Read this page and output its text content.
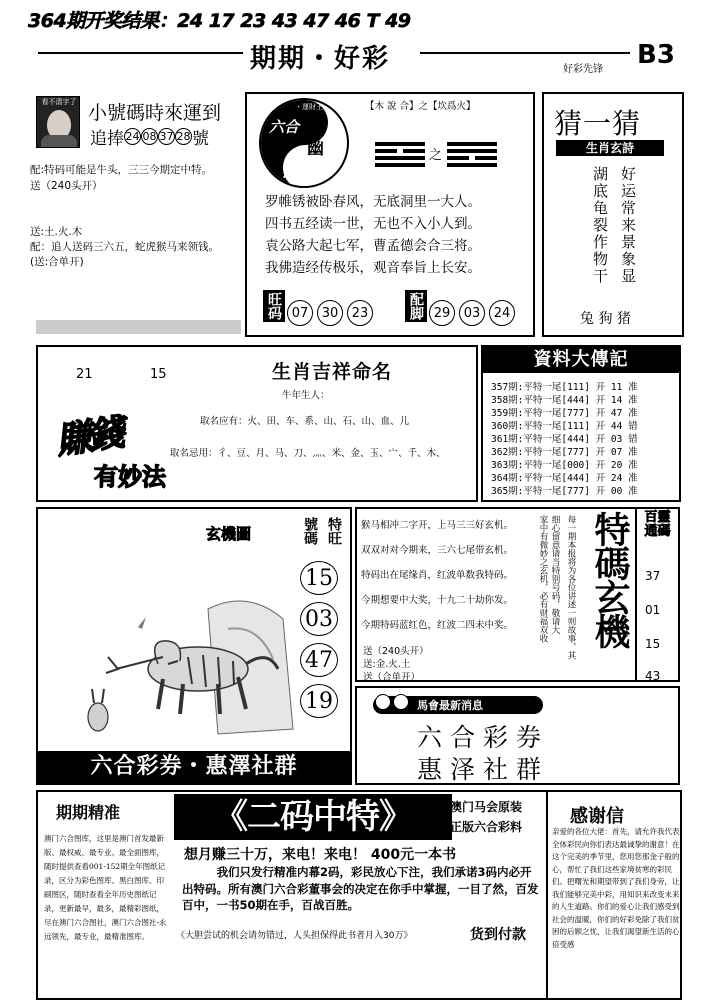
364期开奖结果：24 17 23 43 47 46 T 49
期期・好彩	好彩先锋 B3
看不清字了 小號碼時來運到
追捧 24 08 37 28 號
配:特码可能是牛头，三三今期定中特。
送（240头开）
送:土.火.木
配：追人送码三六五，蛇虎猴马来领钱。
(送:合单开)
・運財王子・
六合
幽
默
【木 說 合】之【坎爲火】
之
罗帷锈被卧春风，无底洞里一大人。
四书五经读一世，无也不入小人到。
袁公路大起七军，曹孟德会合三将。
我佛造经传极乐，观音奉旨上长安。
旺码 07	30	23	配脚 29	03	24
猜一猜
生肖玄詩
湖底龟裂作物干 好运常来景象显
兔 狗 猪
21	15	生肖吉祥命名
牛年生人：
取名应有：火、田、车、系、山、石、山、血、儿
取名忌用：彳、豆、月、马、刀、灬、米、金、玉、宀、千、木、
賺錢
有妙法
資料大傳記
357期:平特一尾[111] 开 11 准
358期:平特一尾[444] 开 14 准
359期:平特一尾[777] 开 47 准
360期:平特一尾[111] 开 44 错
361期:平特一尾[444] 开 03 错
362期:平特一尾[777] 开 07 准
363期:平特一尾[000] 开 20 准
364期:平特一尾[444] 开 24 准
365期:平特一尾[777] 开 00 准
玄機圖	特旺
號碼
15
03
47
19
六合彩券・惠澤社群
猴马相冲二字开，上马三三好玄机。
双双对对今期来，三六七尾带玄机。
特码出在尾缘肖，红波单数我特码。
今期想要中大奖，十九二十劫你发。
今期特码蓝红色，红波二四未中奖。
送（240头开）
送:金.火.土
送（合单开）
家中有微妙之玄机，必有财福双收 细心留意请当特别号码，敬请大 每一期本报将为各位讲述一则故事，其 特碼玄機	百靈通碼
37
01
15
43
馬會最新消息
六合彩券
惠泽社群
期期精准
澳门六合图库，这里是澳门首发最新版、最权威、最专业、最全面图库，随时提供查看001-152期全年图纸记录，区分为彩色图库、黑白图库、印刷图区，随时查看全年历史图纸记录，更新最早，最多，最精彩图纸，尽在澳门六合图社，澳门六合图社-永远领先，最专业，最精准图库。
《二码中特》	澳门马会原装
正版六合彩料
想月赚三十万，来电！来电！ 400元一本书
我们只发行精准内幕2码，彩民放心下注，我们承诺3码内必开出特码。所有澳门六合彩董事会的决定在你手中掌握，一目了然，百发百中，一书50期在手，百战百胜。
《大胆尝试的机会请勿错过，人头担保得此书者月入30万》	货到付款
感谢信
亲爱的各位大佬：首先，请允许我代表全体彩民向你们表达最诚挚的谢意！在这个完美的季节里，您用您那金子般的心，帮忙了我们这些家境贫寒的彩民们。把曙光和期望带到了我们身旁，让我们能够完美中彩，用知识来改变未来的人生道路。你们的爱心让我们感受到社会的温暖，你们的好彩免除了我们贫困的后顾之忧，让我们渴望新生活的心倍受感
